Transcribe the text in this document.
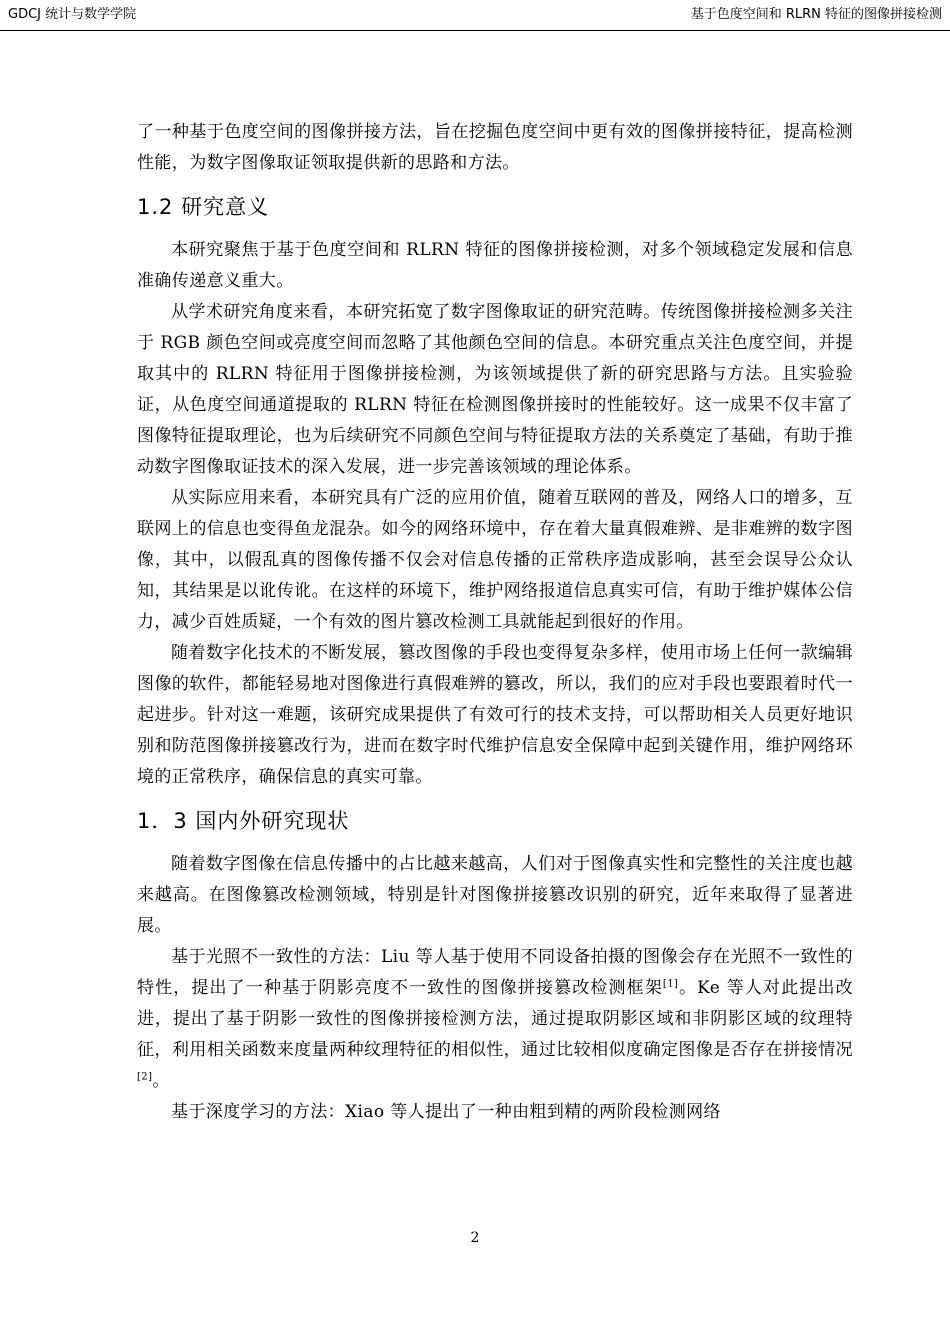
GDCJ 统计与数学学院	基于色度空间和 RLRN 特征的图像拼接检测

了一种基于色度空间的图像拼接方法，旨在挖掘色度空间中更有效的图像拼接特征，提高检测性能，为数字图像取证领取提供新的思路和方法。

1.2 研究意义

本研究聚焦于基于色度空间和 RLRN 特征的图像拼接检测，对多个领域稳定发展和信息准确传递意义重大。

从学术研究角度来看，本研究拓宽了数字图像取证的研究范畴。传统图像拼接检测多关注于 RGB 颜色空间或亮度空间而忽略了其他颜色空间的信息。本研究重点关注色度空间，并提取其中的 RLRN 特征用于图像拼接检测，为该领域提供了新的研究思路与方法。且实验验证，从色度空间通道提取的 RLRN 特征在检测图像拼接时的性能较好。这一成果不仅丰富了图像特征提取理论，也为后续研究不同颜色空间与特征提取方法的关系奠定了基础，有助于推动数字图像取证技术的深入发展，进一步完善该领域的理论体系。

从实际应用来看，本研究具有广泛的应用价值，随着互联网的普及，网络人口的增多，互联网上的信息也变得鱼龙混杂。如今的网络环境中，存在着大量真假难辨、是非难辨的数字图像，其中，以假乱真的图像传播不仅会对信息传播的正常秩序造成影响，甚至会误导公众认知，其结果是以讹传讹。在这样的环境下，维护网络报道信息真实可信，有助于维护媒体公信力，减少百姓质疑，一个有效的图片篡改检测工具就能起到很好的作用。

随着数字化技术的不断发展，篡改图像的手段也变得复杂多样，使用市场上任何一款编辑图像的软件，都能轻易地对图像进行真假难辨的篡改，所以，我们的应对手段也要跟着时代一起进步。针对这一难题，该研究成果提供了有效可行的技术支持，可以帮助相关人员更好地识别和防范图像拼接篡改行为，进而在数字时代维护信息安全保障中起到关键作用，维护网络环境的正常秩序，确保信息的真实可靠。

1．3 国内外研究现状

随着数字图像在信息传播中的占比越来越高，人们对于图像真实性和完整性的关注度也越来越高。在图像篡改检测领域，特别是针对图像拼接篡改识别的研究，近年来取得了显著进展。

基于光照不一致性的方法：Liu 等人基于使用不同设备拍摄的图像会存在光照不一致性的特性，提出了一种基于阴影亮度不一致性的图像拼接篡改检测框架[1]。Ke 等人对此提出改进，提出了基于阴影一致性的图像拼接检测方法，通过提取阴影区域和非阴影区域的纹理特征，利用相关函数来度量两种纹理特征的相似性，通过比较相似度确定图像是否存在拼接情况[2]。

基于深度学习的方法：Xiao 等人提出了一种由粗到精的两阶段检测网络

2
